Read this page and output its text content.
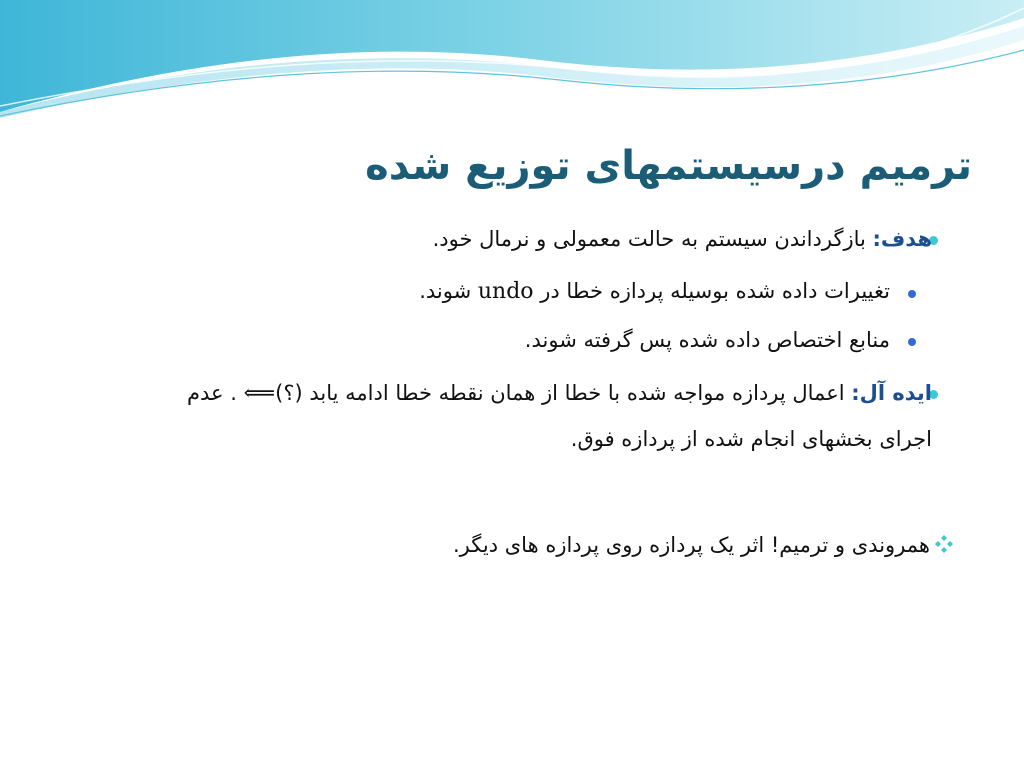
ترمیم درسیستمهای توزیع شده
هدف: بازگرداندن سیستم به حالت معمولی و نرمال خود.
تغییرات داده شده بوسیله پردازه خطا در undo شوند.
منابع اختصاص داده شده پس گرفته شوند.
ایده آل: اعمال پردازه مواجه شده با خطا از همان نقطه خطا ادامه یابد (؟)⟸ . عدم
اجرای بخشهای انجام شده از پردازه فوق.
همروندی و ترمیم! اثر یک پردازه روی پردازه های دیگر.
